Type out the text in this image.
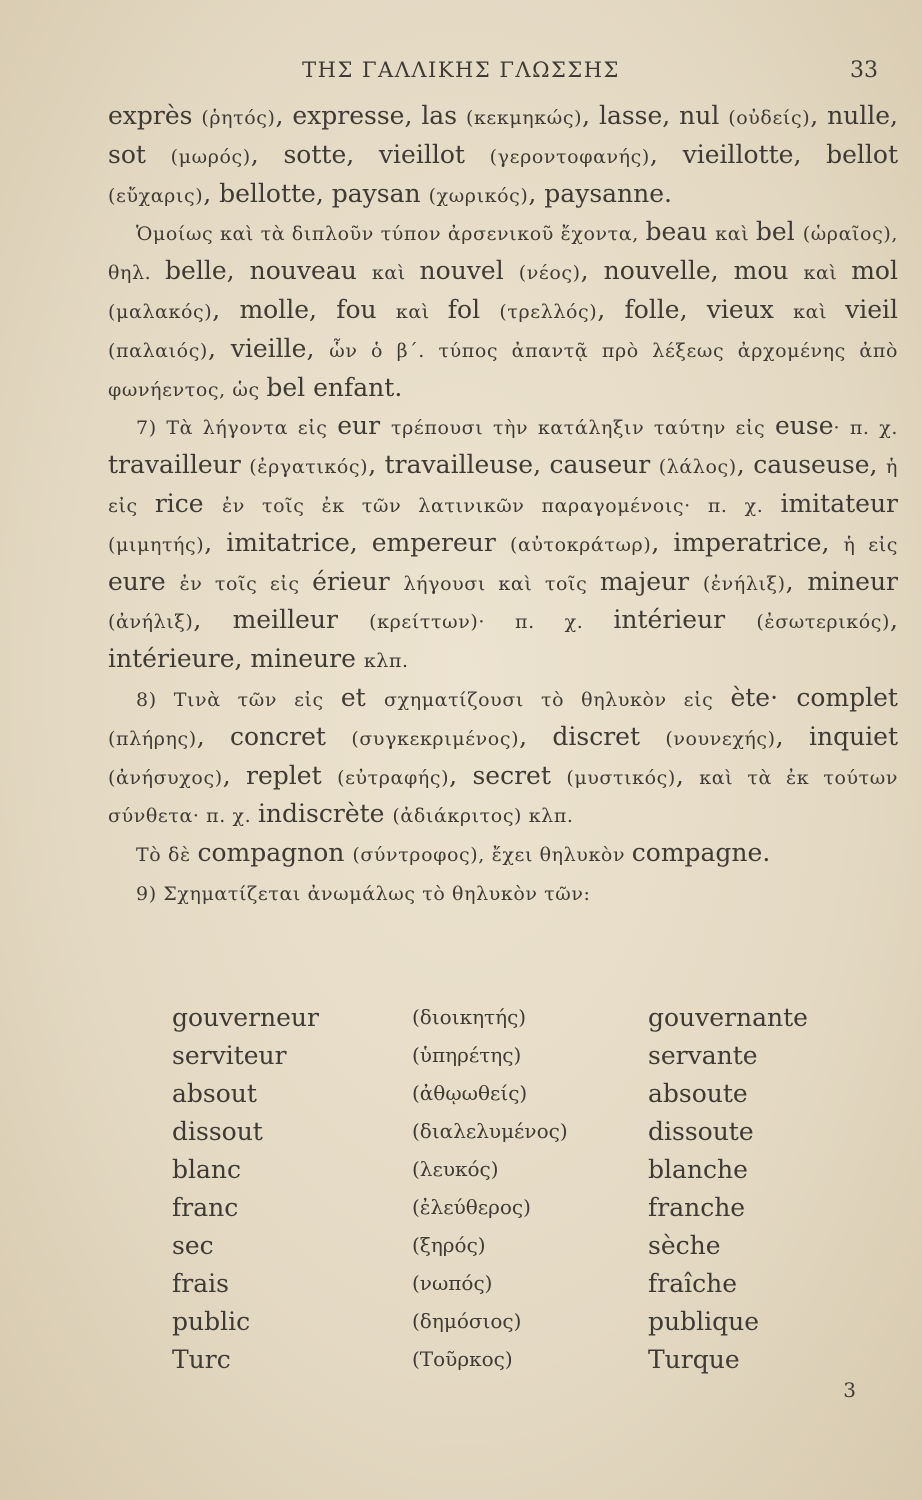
ΤΗΣ ΓΑΛΛΙΚΗΣ ΓΛΩΣΣΗΣ	33

exprès (ῥητός), expresse, las (κεκμηκώς), lasse, nul (οὐδείς), nulle, sot (μωρός), sotte, vieillot (γεροντοφανής), vieillotte, bellot (εὔχαρις), bellotte, paysan (χωρικός), paysanne.

Ὁμοίως καὶ τὰ διπλοῦν τύπον ἀρσενικοῦ ἔχοντα, beau καὶ bel (ὡραῖος), θηλ. belle, nouveau καὶ nouvel (νέος), nouvelle, mou καὶ mol (μαλακός), molle, fou καὶ fol (τρελλός), folle, vieux καὶ vieil (παλαιός), vieille, ὧν ὁ β΄. τύπος ἀπαντᾷ πρὸ λέξεως ἀρχομένης ἀπὸ φωνήεντος, ὡς bel enfant.

7) Τὰ λήγοντα εἰς eur τρέπουσι τὴν κατάληξιν ταύτην εἰς euse· π. χ. travailleur (ἐργατικός), travailleuse, causeur (λάλος), causeuse, ἡ εἰς rice ἐν τοῖς ἐκ τῶν λατινικῶν παραγομένοις· π. χ. imitateur (μιμητής), imitatrice, empereur (αὐτοκράτωρ), imperatrice, ἡ εἰς eure ἐν τοῖς εἰς érieur λήγουσι καὶ τοῖς majeur (ἐνήλιξ), mineur (ἀνήλιξ), meilleur (κρείττων)· π. χ. intérieur (ἐσωτερικός), intérieure, mineure κλπ.

8) Τινὰ τῶν εἰς et σχηματίζουσι τὸ θηλυκὸν εἰς ète· complet (πλήρης), concret (συγκεκριμένος), discret (νουνεχής), inquiet (ἀνήσυχος), replet (εὐτραφής), secret (μυστικός), καὶ τὰ ἐκ τούτων σύνθετα· π. χ. indiscrète (ἀδιάκριτος) κλπ.

Τὸ δὲ compagnon (σύντροφος), ἔχει θηλυκὸν compagne.

9) Σχηματίζεται ἀνωμάλως τὸ θηλυκὸν τῶν:

gouverneur	(διοικητής)	gouvernante
serviteur	(ὑπηρέτης)	servante
absout	(ἀθῳωθείς)	absoute
dissout	(διαλελυμένος)	dissoute
blanc	(λευκός)	blanche
franc	(ἐλεύθερος)	franche
sec	(ξηρός)	sèche
frais	(νωπός)	fraîche
public	(δημόσιος)	publique
Turc	(Τοῦρκος)	Turque
3
